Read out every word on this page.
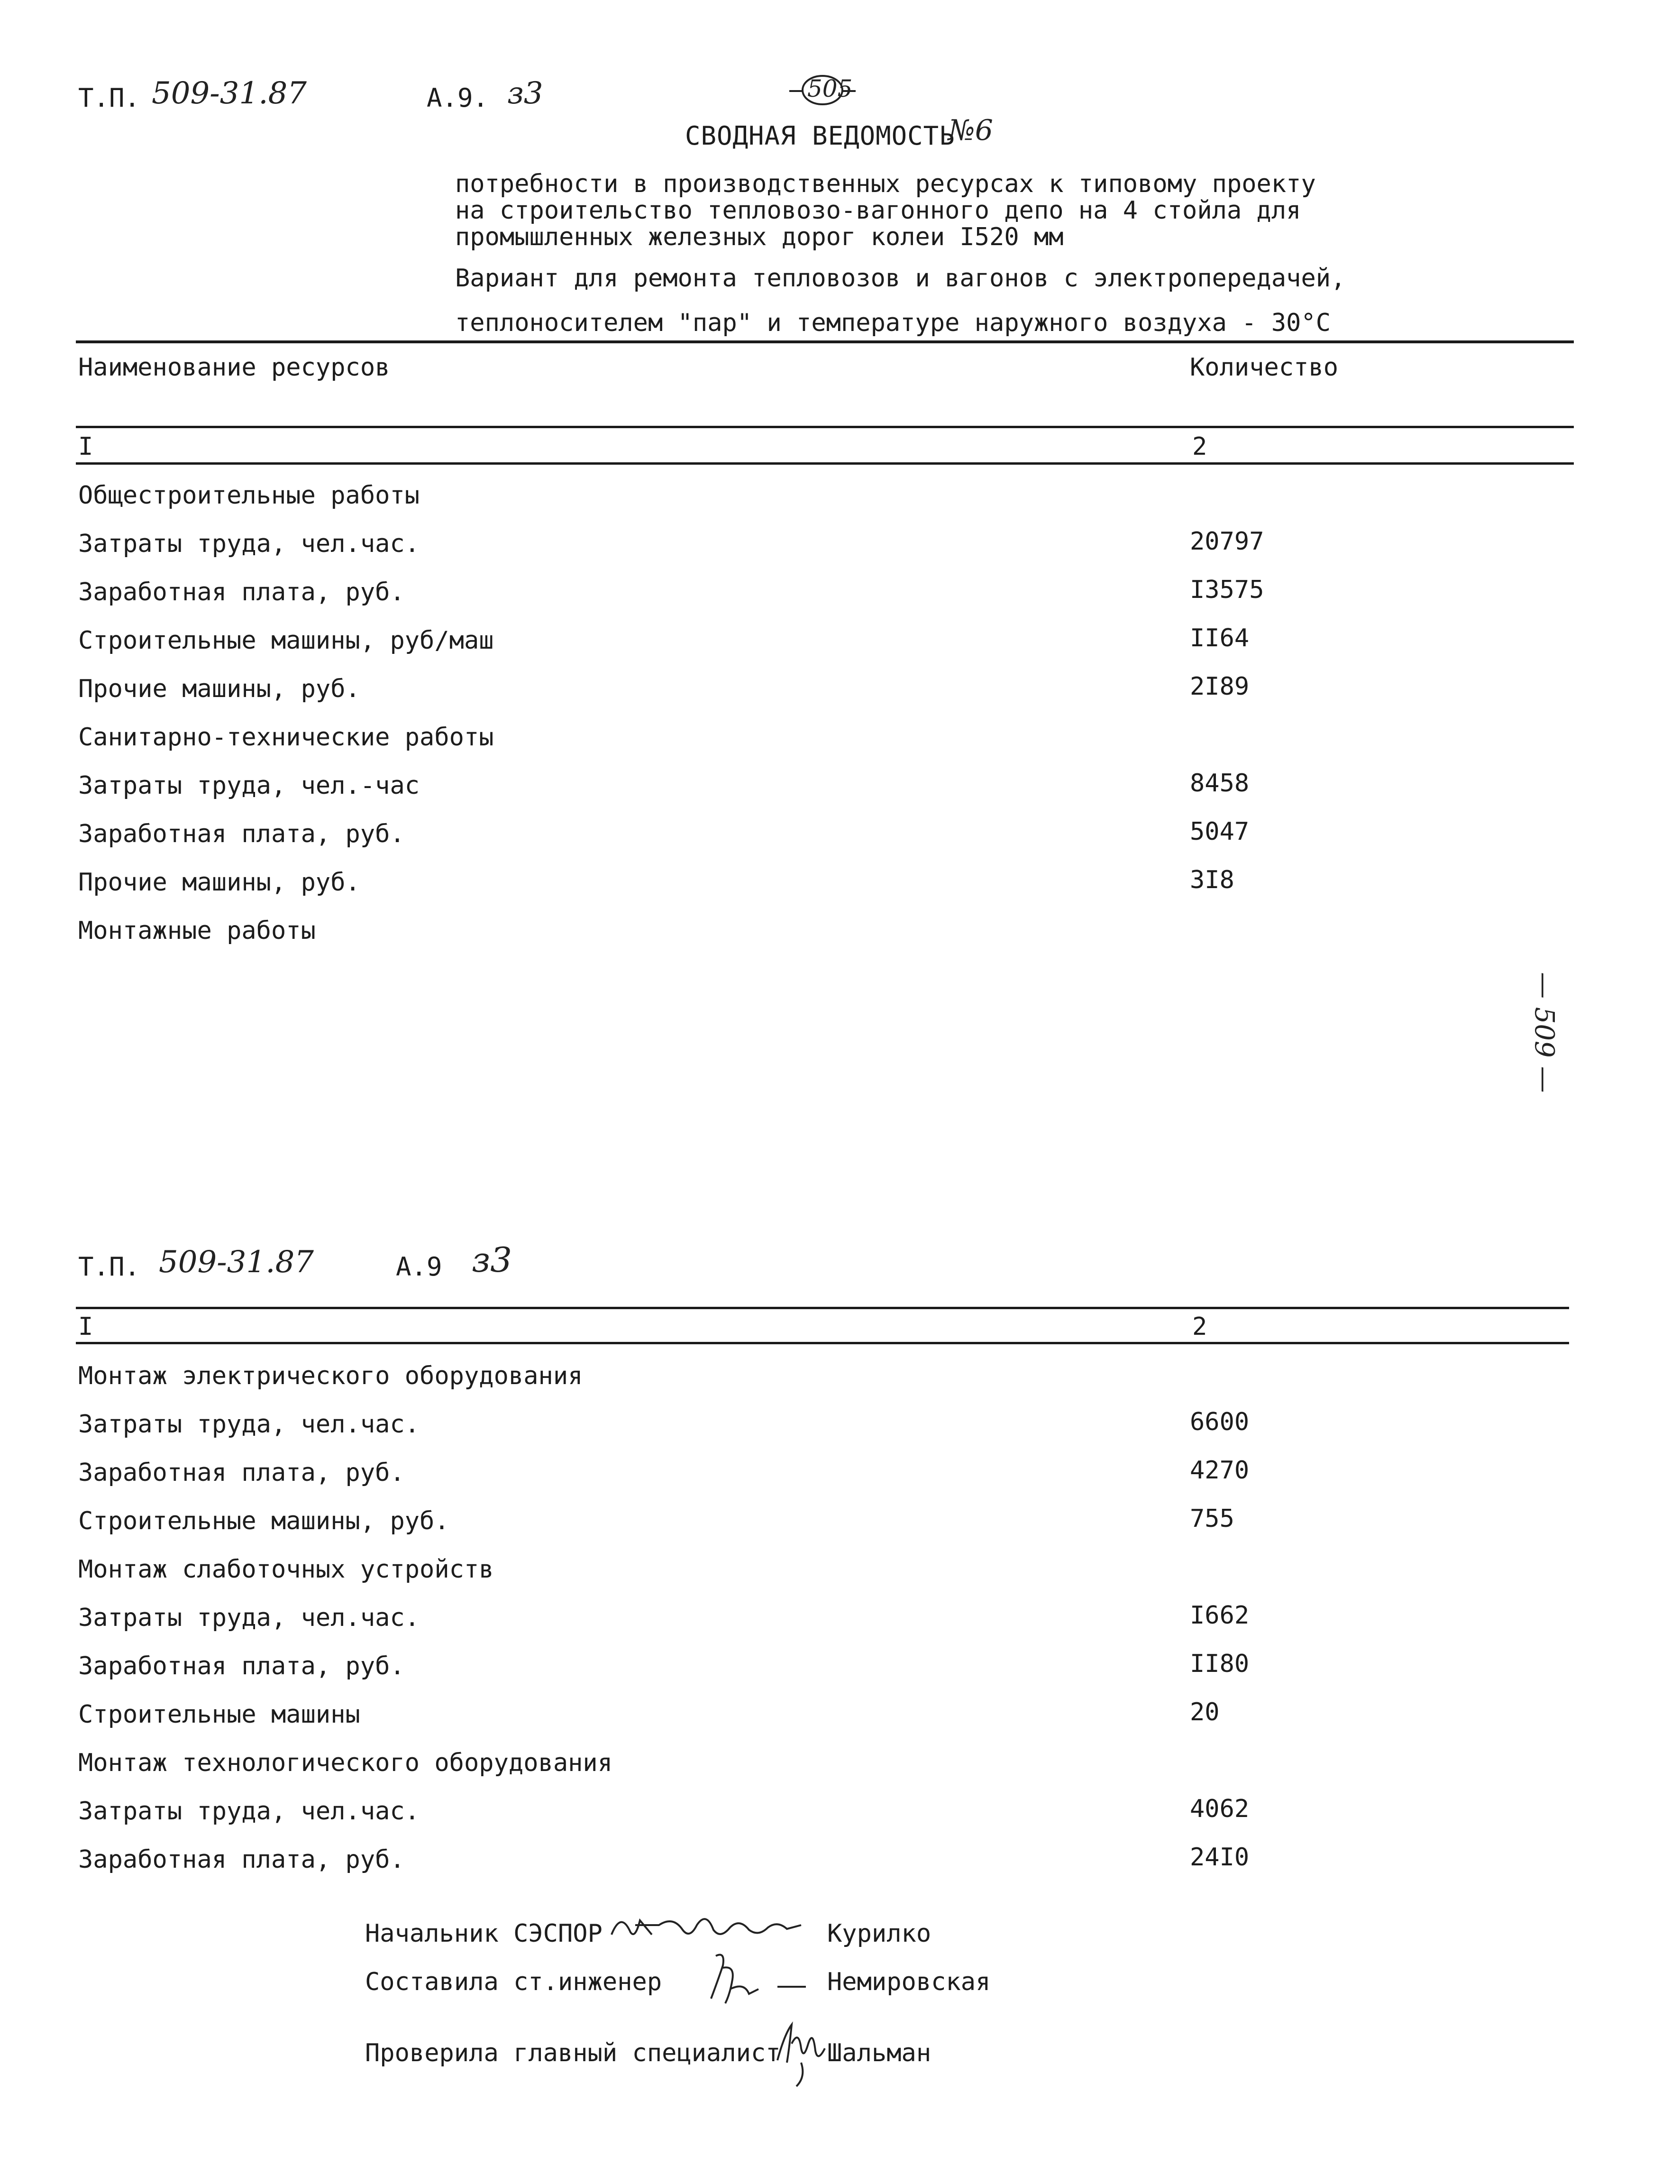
Т.П. 509-31.87	А.9. з3	505
СВОДНАЯ ВЕДОМОСТЬ
№6
потребности в производственных ресурсах к типовому проекту
на строительство тепловозо-вагонного депо на 4 стойла для
промышленных железных дорог колеи I520 мм
Вариант для ремонта тепловозов и вагонов с электропередачей,
теплоносителем "пар" и температуре наружного воздуха - 30°С
Наименование ресурсов	Количество
I	2
Общестроительные работы
Затраты труда, чел.час.	20797
Заработная плата, руб.	I3575
Строительные машины, руб/маш	II64
Прочие машины, руб.	2I89
Санитарно-технические работы
Затраты труда, чел.-час	8458
Заработная плата, руб.	5047
Прочие машины, руб.	3I8
Монтажные работы
— 509 —
Т.П. 509-31.87	А.9 з3
I	2
Монтаж электрического оборудования
Затраты труда, чел.час.	6600
Заработная плата, руб.	4270
Строительные машины, руб.	755
Монтаж слаботочных устройств
Затраты труда, чел.час.	I662
Заработная плата, руб.	II80
Строительные машины	20
Монтаж технологического оборудования
Затраты труда, чел.час.	4062
Заработная плата, руб.	24I0
Начальник СЭСПОР	Курилко
Составила ст.инженер	Немировская
Проверила главный специалист Шальман
